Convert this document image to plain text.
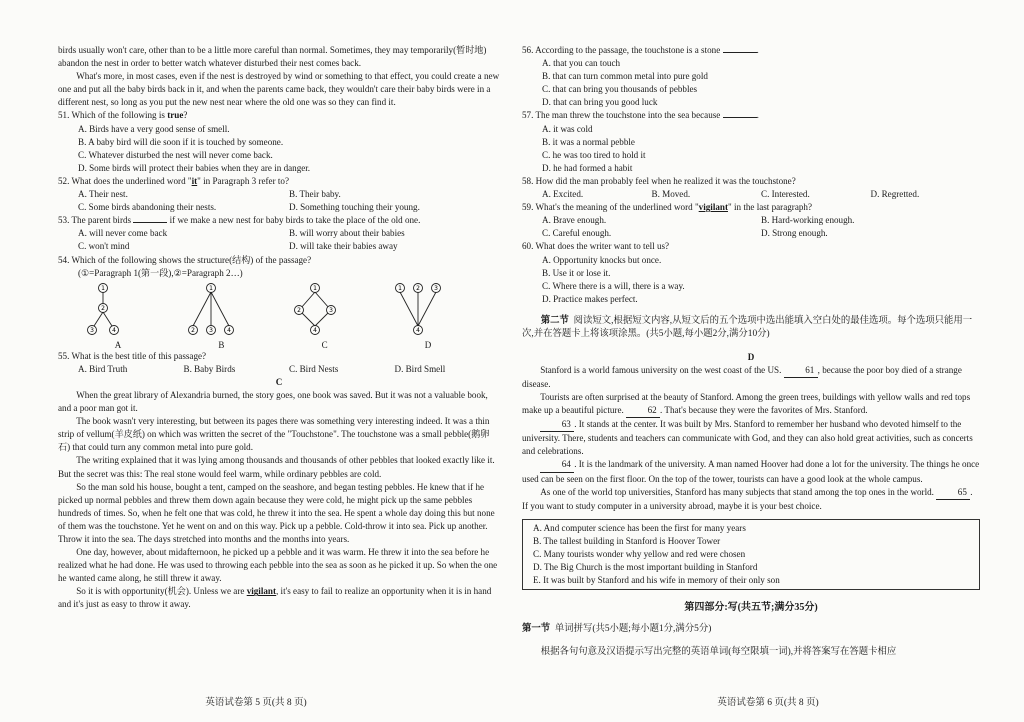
birds usually won't care, other than to be a little more careful than normal. Sometimes, they may temporarily(暂时地) abandon the nest in order to better watch whatever disturbed their nest comes back.

What's more, in most cases, even if the nest is destroyed by wind or something to that effect, you could create a new one and put all the baby birds back in it, and when the parents came back, they wouldn't care their baby birds were in a different nest, so long as you put the new nest near where the old one was so they can find it.

51. Which of the following is true?

A. Birds have a very good sense of smell.

B. A baby bird will die soon if it is touched by someone.

C. Whatever disturbed the nest will never come back.

D. Some birds will protect their babies when they are in danger.

52. What does the underlined word "it" in Paragraph 3 refer to?

A. Their nest.	B. Their baby.
C. Some birds abandoning their nests.	D. Something touching their young.

53. The parent birds	if we make a new nest for baby birds to take the place of the old one.

A. will never come back	B. will worry about their babies
C. won't mind	D. will take their babies away

54. Which of the following shows the structure(结构) of the passage?

(①=Paragraph 1(第一段),②=Paragraph 2…)

1
2
3	4
A
1
2 3 4
B
1
2	3
4
C
1 2 3
4
D

55. What is the best title of this passage?

A. Bird Truth	B. Baby Birds	C. Bird Nests	D. Bird Smell

C

When the great library of Alexandria burned, the story goes, one book was saved. But it was not a valuable book, and a poor man got it.

The book wasn't very interesting, but between its pages there was something very interesting indeed. It was a thin strip of vellum(羊皮纸) on which was written the secret of the "Touchstone". The touchstone was a small pebble(鹅卵石) that could turn any common metal into pure gold.

The writing explained that it was lying among thousands and thousands of other pebbles that looked exactly like it. But the secret was this: The real stone would feel warm, while ordinary pebbles are cold.

So the man sold his house, bought a tent, camped on the seashore, and began testing pebbles. He knew that if he picked up normal pebbles and threw them down again because they were cold, he might pick up the same pebbles hundreds of times. So, when he felt one that was cold, he threw it into the sea. He spent a whole day doing this but none of them was the touchstone. Yet he went on and on this way. Pick up a pebble. Cold-throw it into sea. Pick up another. Throw it into the sea. The days stretched into months and the months into years.

One day, however, about midafternoon, he picked up a pebble and it was warm. He threw it into the sea before he realized what he had done. He was used to throwing each pebble into the sea as soon as he picked it up. So when the one he wanted came along, he still threw it away.

So it is with opportunity(机会). Unless we are vigilant, it's easy to fail to realize an opportunity when it is in hand and it's just as easy to throw it away.

英语试卷第 5 页(共 8 页)

56. According to the passage, the touchstone is a stone	.

A. that you can touch

B. that can turn common metal into pure gold

C. that can bring you thousands of pebbles

D. that can bring you good luck

57. The man threw the touchstone into the sea because	.

A. it was cold

B. it was a normal pebble

C. he was too tired to hold it

D. he had formed a habit

58. How did the man probably feel when he realized it was the touchstone?

A. Excited.	B. Moved.	C. Interested.	D. Regretted.

59. What's the meaning of the underlined word "vigilant" in the last paragraph?

A. Brave enough.	B. Hard-working enough.
C. Careful enough.	D. Strong enough.

60. What does the writer want to tell us?

A. Opportunity knocks but once.

B. Use it or lose it.

C. Where there is a will, there is a way.

D. Practice makes perfect.

第二节 阅读短文,根据短文内容,从短文后的五个选项中选出能填入空白处的最佳选项。每个选项只能用一次,并在答题卡上将该项涂黑。(共5小题,每小题2分,满分10分)

D

Stanford is a world famous university on the west coast of the US. 61 , because the poor boy died of a strange disease.

Tourists are often surprised at the beauty of Stanford. Among the green trees, buildings with yellow walls and red tops make up a beautiful picture. 62 . That's because they were the favorites of Mrs. Stanford.

63 . It stands at the center. It was built by Mrs. Stanford to remember her husband who devoted himself to the university. There, students and teachers can communicate with God, and they can also hold great activities, such as concerts and celebrations.

64 . It is the landmark of the university. A man named Hoover had done a lot for the university. The things he once used can be seen on the first floor. On the top of the tower, tourists can have a good look at the whole campus.

As one of the world top universities, Stanford has many subjects that stand among the top ones in the world. 65 . If you want to study computer in a university abroad, maybe it is your best choice.

A. And computer science has been the first for many years

B. The tallest building in Stanford is Hoover Tower

C. Many tourists wonder why yellow and red were chosen

D. The Big Church is the most important building in Stanford

E. It was built by Stanford and his wife in memory of their only son

第四部分:写(共五节;满分35分)

第一节 单词拼写(共5小题;每小题1分,满分5分)

根据各句句意及汉语提示写出完整的英语单词(每空限填一词),并将答案写在答题卡相应

英语试卷第 6 页(共 8 页)
